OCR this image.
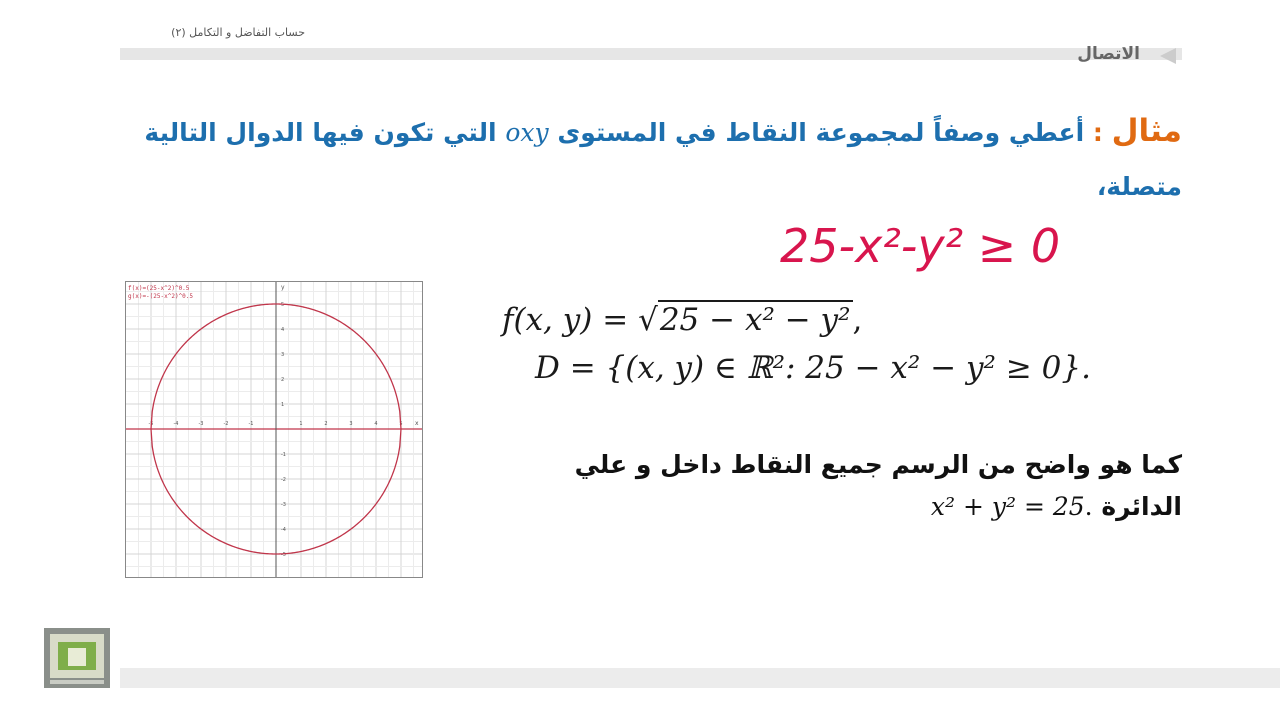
حساب التفاضل و التكامل (٢)
الاتصال
مثال : أعطي وصفاً لمجموعة النقاط في المستوى oxy التي تكون فيها الدوال التالية متصلة،
25-x²-y² ≥ 0
x
y
-5	-4	-3	-2	-1	1	2	3	4	5
5
4
3
2
1
-1
-2
-3
-4
-5
f(x)=(25-x^2)^0.5
g(x)=-(25-x^2)^0.5
f(x, y) = √25 − x² − y²,
D = {(x, y) ∈ ℝ²: 25 − x² − y² ≥ 0}.
كما هو واضح من الرسم جميع النقاط داخل و علي الدائرة x² + y² = 25.
